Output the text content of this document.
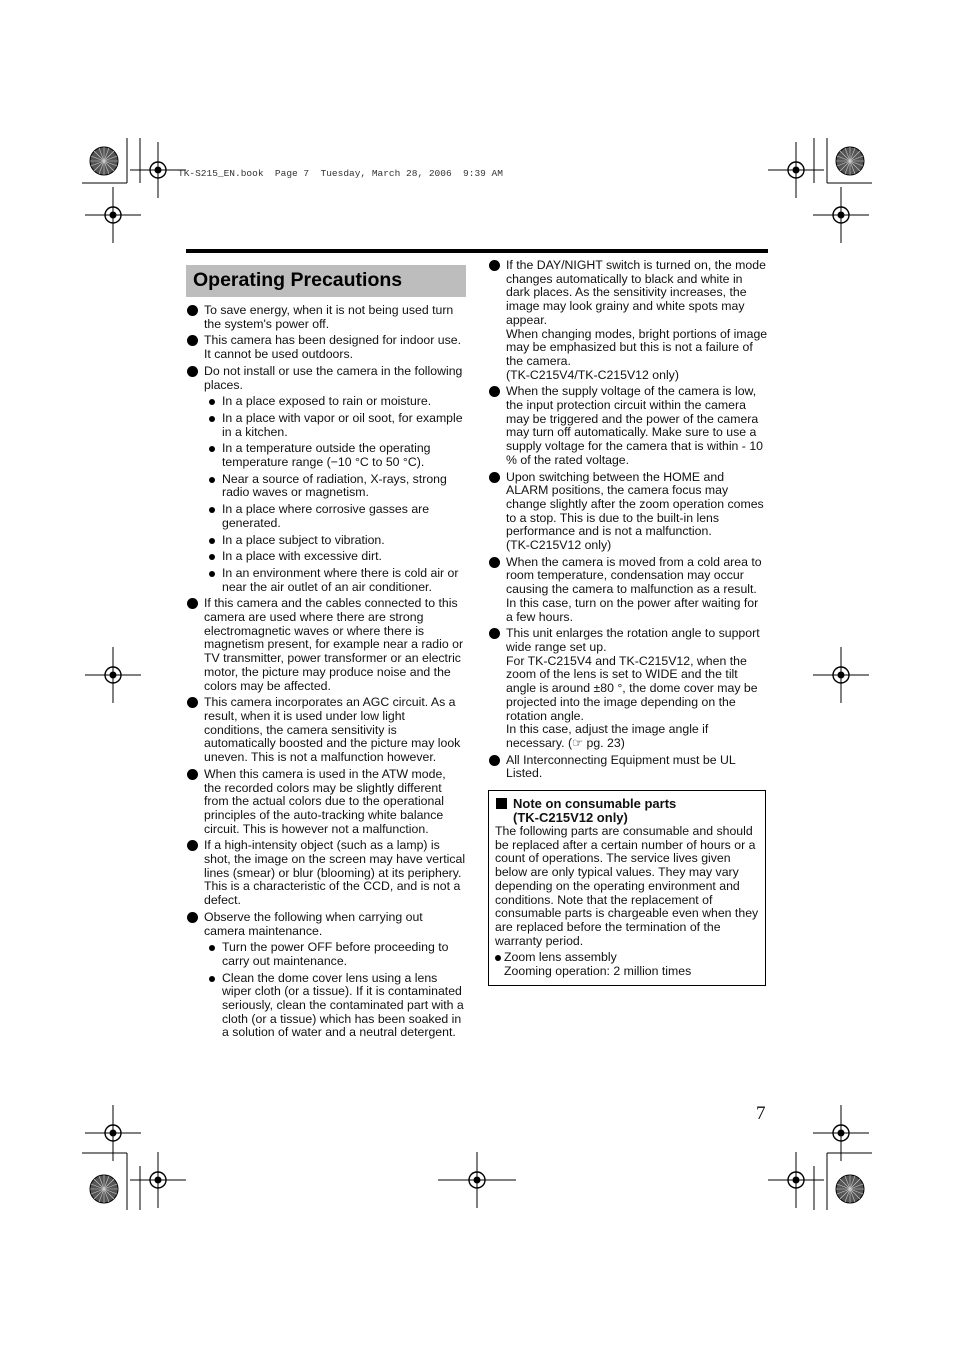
TK-S215_EN.book  Page 7  Tuesday, March 28, 2006  9:39 AM
Operating Precautions
To save energy, when it is not being used turn the system's power off.
This camera has been designed for indoor use. It cannot be used outdoors.
Do not install or use the camera in the following places.
In a place exposed to rain or moisture.
In a place with vapor or oil soot, for example in a kitchen.
In a temperature outside the operating temperature range (−10 °C to 50 °C).
Near a source of radiation, X-rays, strong radio waves or magnetism.
In a place where corrosive gasses are generated.
In a place subject to vibration.
In a place with excessive dirt.
In an environment where there is cold air or near the air outlet of an air conditioner.
If this camera and the cables connected to this camera are used where there are strong electromagnetic waves or where there is magnetism present, for example near a radio or TV transmitter, power transformer or an electric motor, the picture may produce noise and the colors may be affected.
This camera incorporates an AGC circuit. As a result, when it is used under low light conditions, the camera sensitivity is automatically boosted and the picture may look uneven. This is not a malfunction however.
When this camera is used in the ATW mode, the recorded colors may be slightly different from the actual colors due to the operational principles of the auto-tracking white balance circuit. This is however not a malfunction.
If a high-intensity object (such as a lamp) is shot, the image on the screen may have vertical lines (smear) or blur (blooming) at its periphery. This is a characteristic of the CCD, and is not a defect.
Observe the following when carrying out camera maintenance.
Turn the power OFF before proceeding to carry out maintenance.
Clean the dome cover lens using a lens wiper cloth (or a tissue). If it is contaminated seriously, clean the contaminated part with a cloth (or a tissue) which has been soaked in a solution of water and a neutral detergent.
If the DAY/NIGHT switch is turned on, the mode changes automatically to black and white in dark places. As the sensitivity increases, the image may look grainy and white spots may appear.
When changing modes, bright portions of image may be emphasized but this is not a failure of the camera.
(TK-C215V4/TK-C215V12 only)
When the supply voltage of the camera is low, the input protection circuit within the camera may be triggered and the power of the camera may turn off automatically. Make sure to use a supply voltage for the camera that is within - 10 % of the rated voltage.
Upon switching between the HOME and ALARM positions, the camera focus may change slightly after the zoom operation comes to a stop. This is due to the built-in lens performance and is not a malfunction.
(TK-C215V12 only)
When the camera is moved from a cold area to room temperature, condensation may occur causing the camera to malfunction as a result. In this case, turn on the power after waiting for a few hours.
This unit enlarges the rotation angle to support wide range set up.
For TK-C215V4 and TK-C215V12, when the zoom of the lens is set to WIDE and the tilt angle is around ±80 °, the dome cover may be projected into the image depending on the rotation angle.
In this case, adjust the image angle if necessary. (☞ pg. 23)
All Interconnecting Equipment must be UL Listed.
Note on consumable parts
(TK-C215V12 only)
The following parts are consumable and should be replaced after a certain number of hours or a count of operations. The service lives given below are only typical values. They may vary depending on the operating environment and conditions. Note that the replacement of consumable parts is chargeable even when they are replaced before the termination of the warranty period.
Zoom lens assembly
Zooming operation: 2 million times
7
